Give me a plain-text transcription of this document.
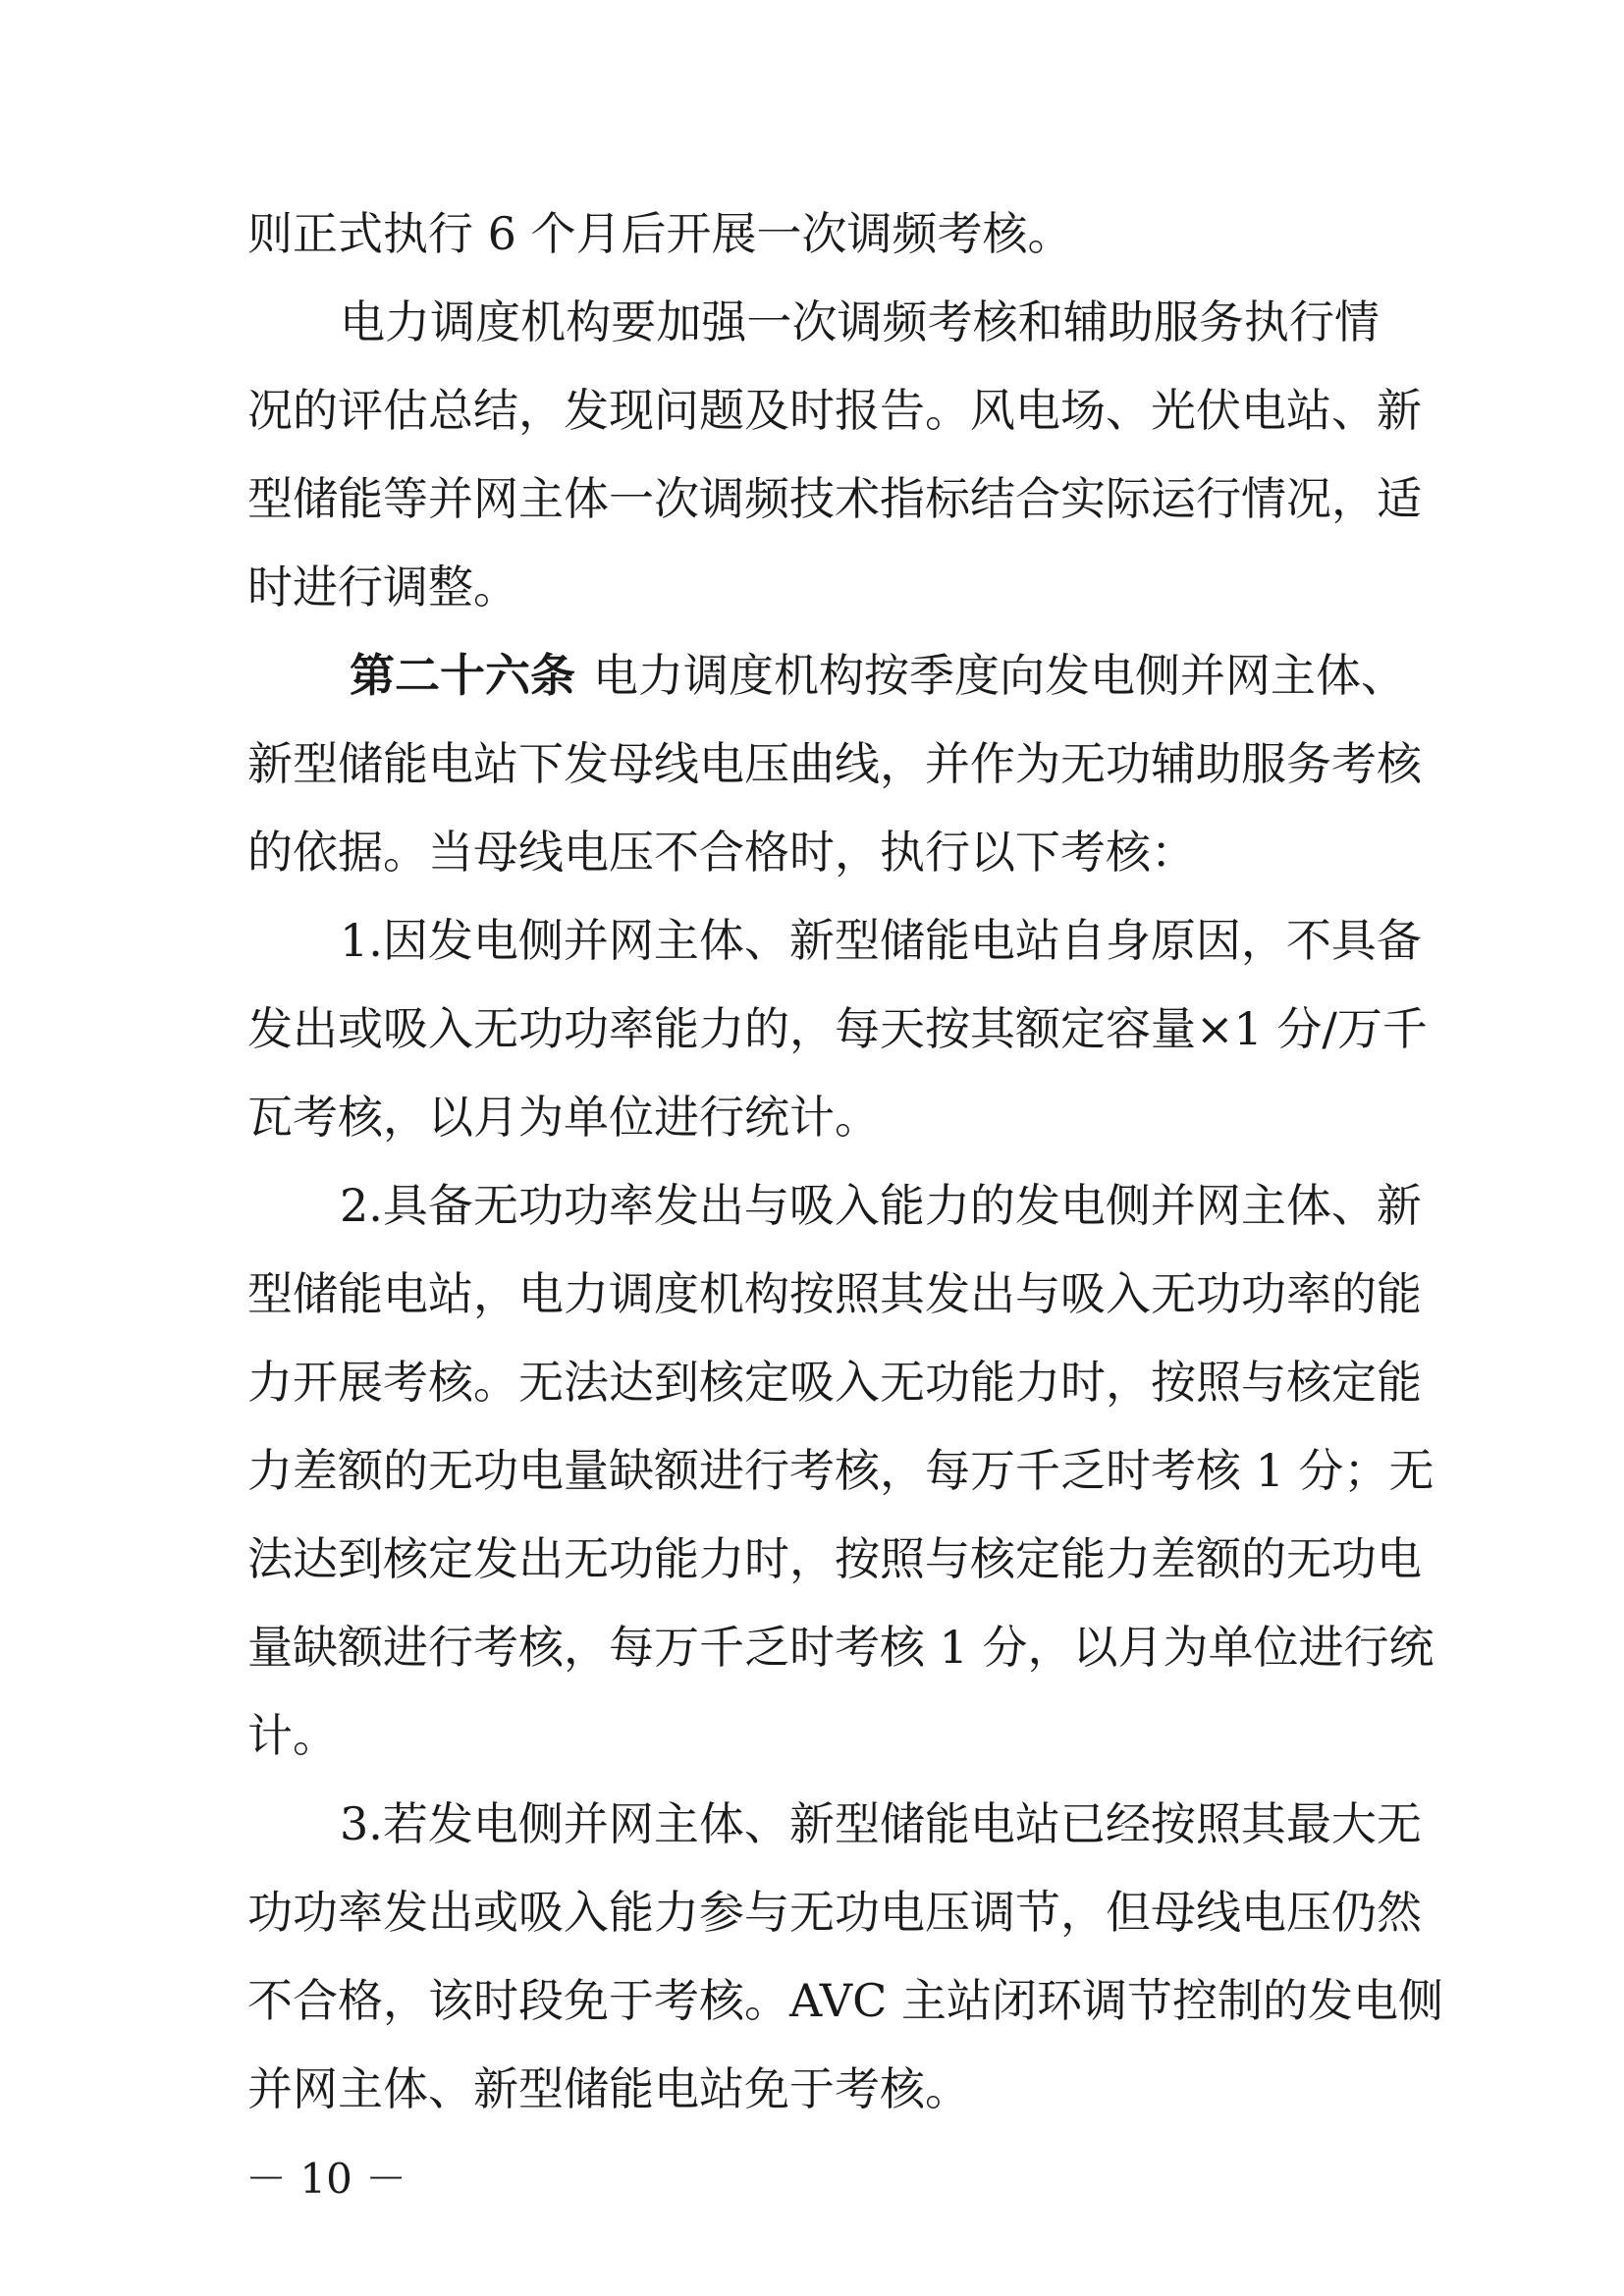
则正式执行 6 个月后开展一次调频考核。
电力调度机构要加强一次调频考核和辅助服务执行情
况的评估总结，发现问题及时报告。风电场、光伏电站、新
型储能等并网主体一次调频技术指标结合实际运行情况，适
时进行调整。
第二十六条 电力调度机构按季度向发电侧并网主体、
新型储能电站下发母线电压曲线，并作为无功辅助服务考核
的依据。当母线电压不合格时，执行以下考核：
1.因发电侧并网主体、新型储能电站自身原因，不具备
发出或吸入无功功率能力的，每天按其额定容量×1 分/万千
瓦考核，以月为单位进行统计。
2.具备无功功率发出与吸入能力的发电侧并网主体、新
型储能电站，电力调度机构按照其发出与吸入无功功率的能
力开展考核。无法达到核定吸入无功能力时，按照与核定能
力差额的无功电量缺额进行考核，每万千乏时考核 1 分；无
法达到核定发出无功能力时，按照与核定能力差额的无功电
量缺额进行考核，每万千乏时考核 1 分，以月为单位进行统
计。
3.若发电侧并网主体、新型储能电站已经按照其最大无
功功率发出或吸入能力参与无功电压调节，但母线电压仍然
不合格，该时段免于考核。AVC 主站闭环调节控制的发电侧
并网主体、新型储能电站免于考核。
－ 10 －
